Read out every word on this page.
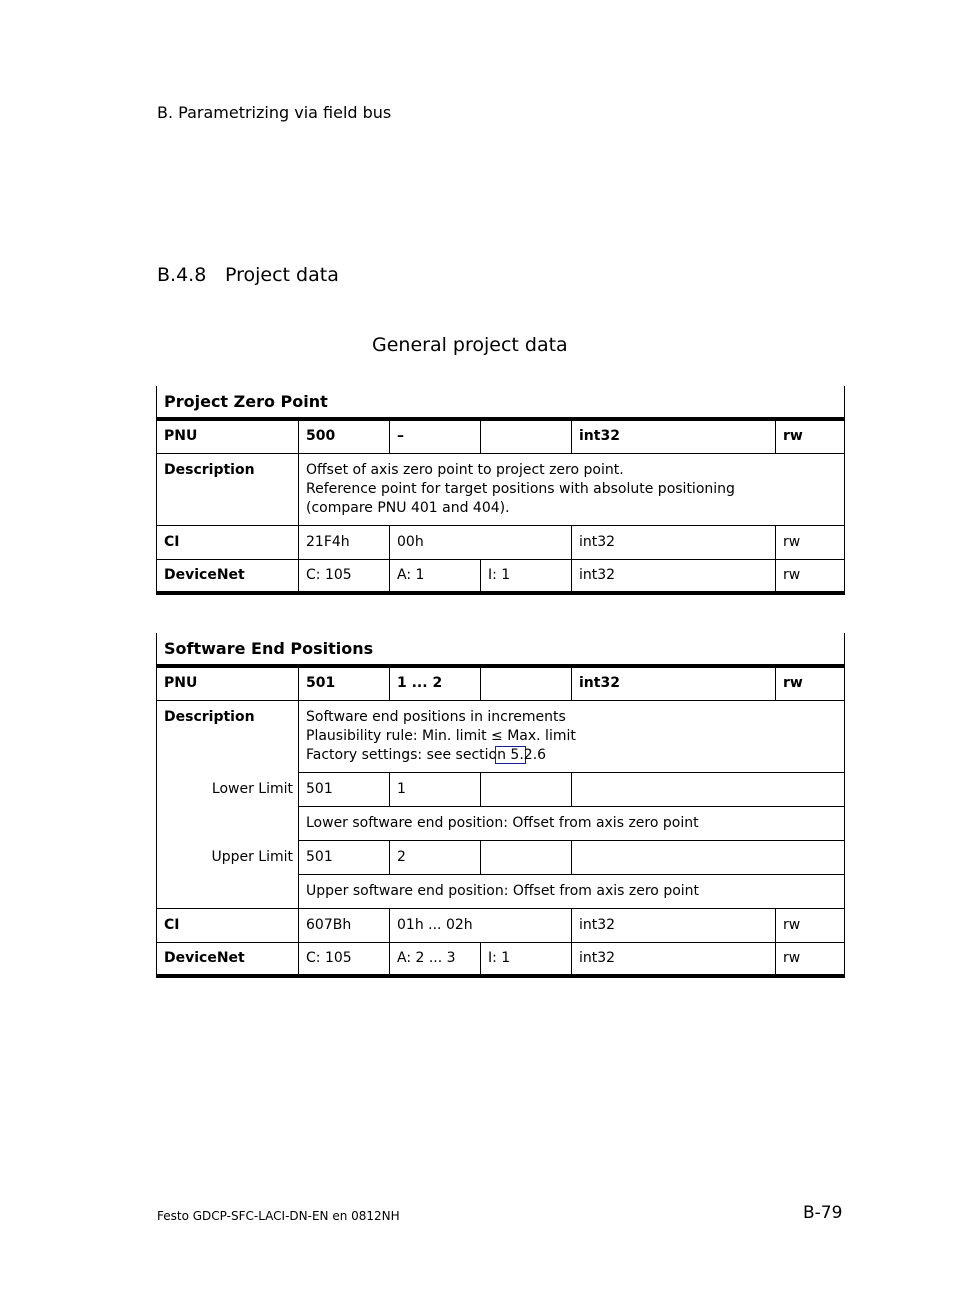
B. Parametrizing via field bus
B.4.8 Project data
General project data
Project Zero Point					
PNU	500	–		int32	rw
Description	Offset of axis zero point to project zero point.
Reference point for target positions with absolute positioning
(compare PNU 401 and 404).				

CI	21F4h	00h		int32	rw
DeviceNet	C: 105	A: 1	I: 1	int32	rw
Software End Positions					
PNU	501	1 ... 2		int32	rw
Description	Software end positions in increments
Plausibility rule: Min. limit ≤ Max. limit
Factory settings: see section 5.2.6				

Lower Limit	501	1			
	Lower software end position: Offset from axis zero point				
Upper Limit	501	2			
	Upper software end position: Offset from axis zero point				
CI	607Bh	01h ... 02h		int32	rw
DeviceNet	C: 105	A: 2 ... 3	I: 1	int32	rw
Festo GDCP-SFC-LACI-DN-EN en 0812NH	B-79
